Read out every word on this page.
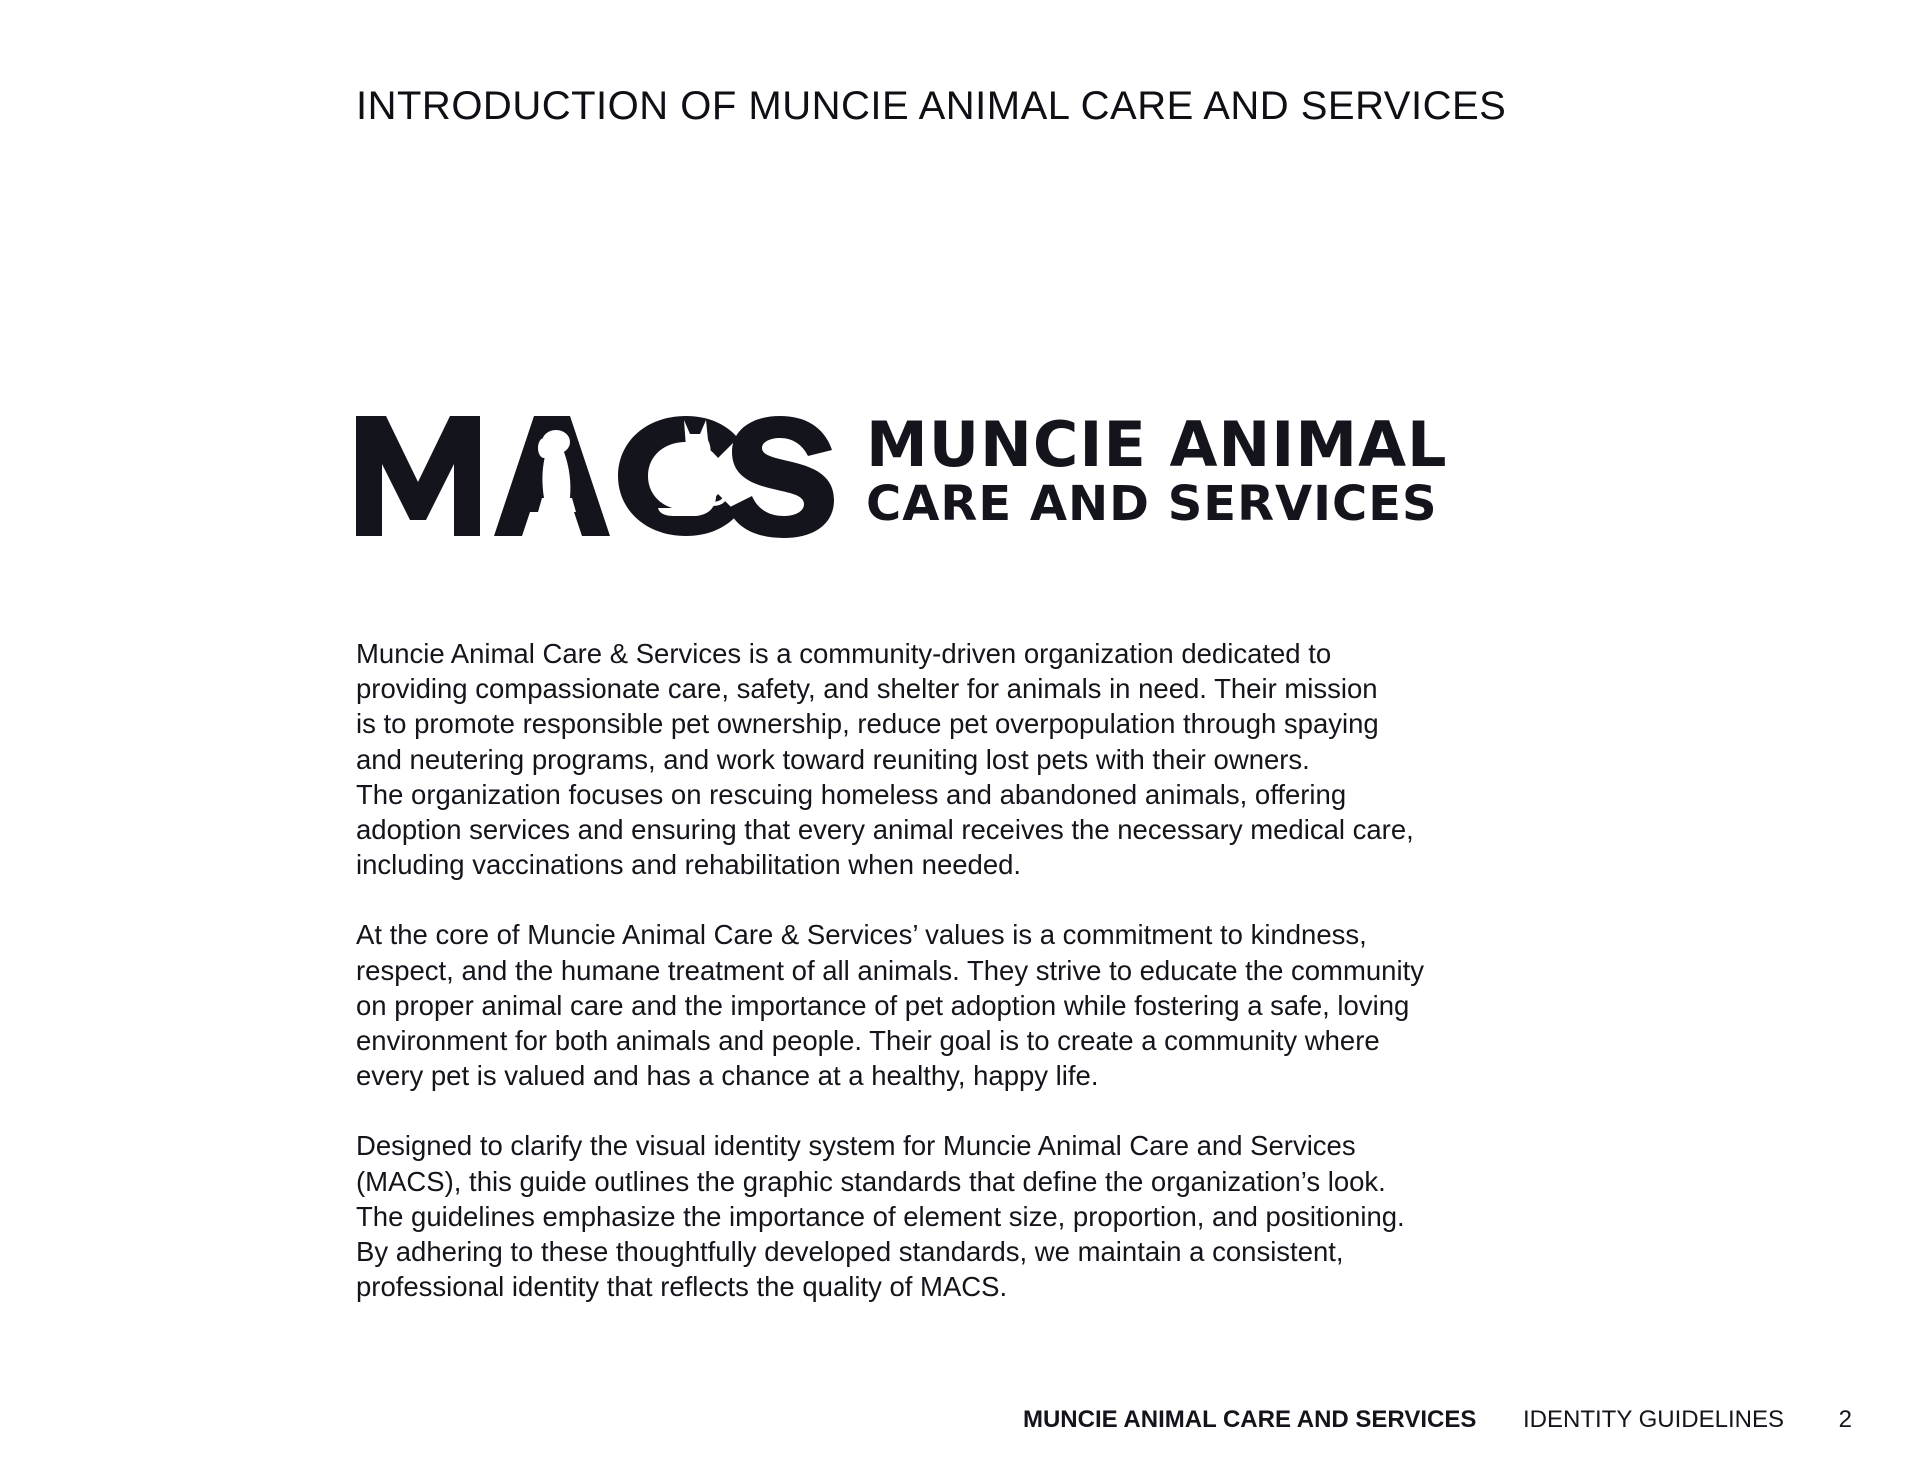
INTRODUCTION OF MUNCIE ANIMAL CARE AND SERVICES
MUNCIE ANIMAL
CARE AND SERVICES

Muncie Animal Care & Services is a community-driven organization dedicated to
providing compassionate care, safety, and shelter for animals in need. Their mission
is to promote responsible pet ownership, reduce pet overpopulation through spaying
and neutering programs, and work toward reuniting lost pets with their owners.
The organization focuses on rescuing homeless and abandoned animals, offering
adoption services and ensuring that every animal receives the necessary medical care,
including vaccinations and rehabilitation when needed.

At the core of Muncie Animal Care & Services’ values is a commitment to kindness,
respect, and the humane treatment of all animals. They strive to educate the community
on proper animal care and the importance of pet adoption while fostering a safe, loving
environment for both animals and people. Their goal is to create a community where
every pet is valued and has a chance at a healthy, happy life.

Designed to clarify the visual identity system for Muncie Animal Care and Services
(MACS), this guide outlines the graphic standards that define the organization’s look.
The guidelines emphasize the importance of element size, proportion, and positioning.
By adhering to these thoughtfully developed standards, we maintain a consistent,
professional identity that reflects the quality of MACS.

MUNCIE ANIMAL CARE AND SERVICES IDENTITY GUIDELINES 2
